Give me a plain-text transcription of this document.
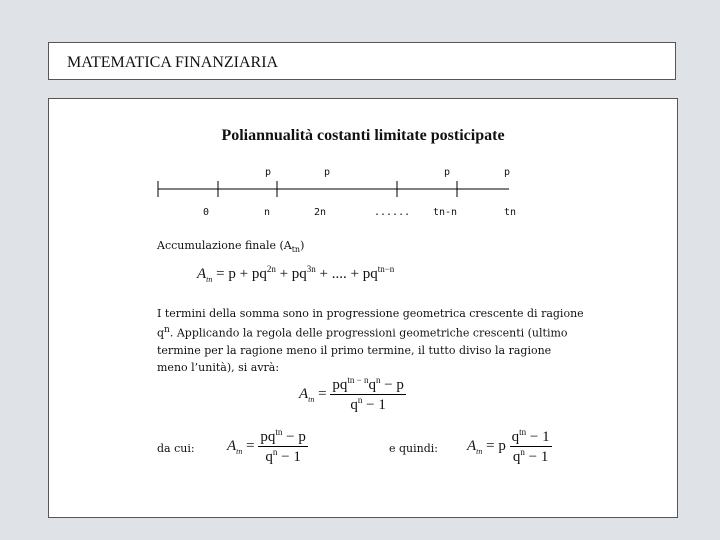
MATEMATICA FINANZIARIA
Poliannualità costanti limitate posticipate
p	p	p	p
0	n	2n	...... tn-n	tn
Accumulazione finale $(A_{tn})$
$A_{tn} = p + pq^{2n} + pq^{3n}$ + .... + $pq^{tn-n}$
I termini della somma sono in progressione geometrica crescente di ragione
$q^n$. Applicando la regola delle progressioni geometriche crescenti (ultimo
termine per la ragione meno il primo termine, il tutto diviso la ragione
meno l’unità), si avrà:
$A_{tn} = \frac{pq^{tn - n}q^n - p}{q^n - 1}$
da cui: $A_{tn} = \frac{pq^{tn} - p}{q^n - 1}$	e quindi: $A_{tn} = p \frac{q^{tn} - 1}{q^n - 1}$
